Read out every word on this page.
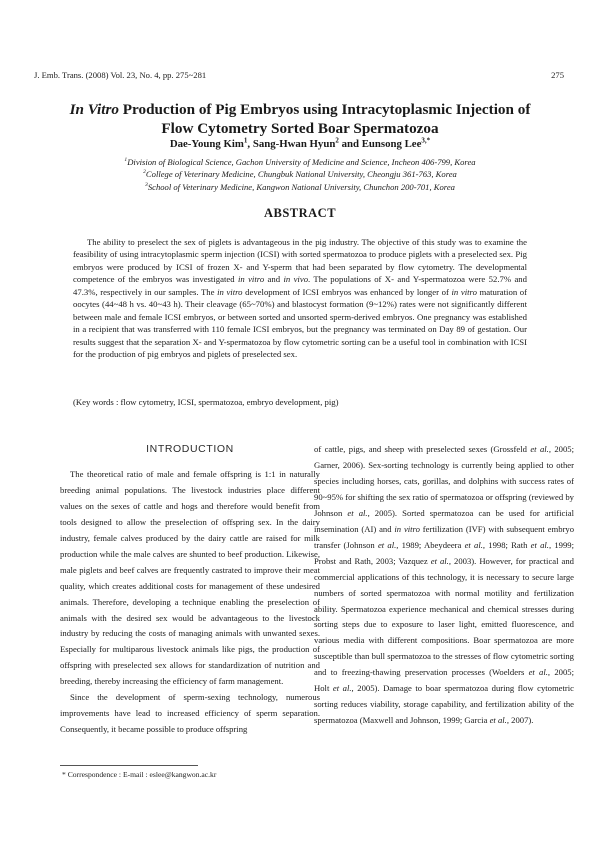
J. Emb. Trans. (2008) Vol. 23, No. 4, pp. 275~281	275
In Vitro Production of Pig Embryos using Intracytoplasmic Injection of
Flow Cytometry Sorted Boar Spermatozoa
Dae-Young Kim$^1$, Sang-Hwan Hyun$^2$ and Eunsong Lee$^{3,*}$
$^1$Division of Biological Science, Gachon University of Medicine and Science, Incheon 406-799, Korea
$^2$College of Veterinary Medicine, Chungbuk National University, Cheongju 361-763, Korea
$^3$School of Veterinary Medicine, Kangwon National University, Chunchon 200-701, Korea
ABSTRACT
The ability to preselect the sex of piglets is advantageous in the pig industry. The objective of this study was to examine the feasibility of using intracytoplasmic sperm injection (ICSI) with sorted spermatozoa to produce piglets with a preselected sex. Pig embryos were produced by ICSI of frozen X- and Y-sperm that had been separated by flow cytometry. The developmental competence of the embryos was investigated in vitro and in vivo. The populations of X- and Y-spermatozoa were 52.7% and 47.3%, respectively in our samples. The in vitro development of ICSI embryos was enhanced by longer of in vitro maturation of oocytes (44~48 h vs. 40~43 h). Their cleavage (65~70%) and blastocyst formation (9~12%) rates were not significantly different between male and female ICSI embryos, or between sorted and unsorted sperm-derived embryos. One pregnancy was established in a recipient that was transferred with 110 female ICSI embryos, but the pregnancy was terminated on Day 89 of gestation. Our results suggest that the separation X- and Y-spermatozoa by flow cytometric sorting can be a useful tool in combination with ICSI for the production of pig embryos and piglets of preselected sex.
(Key words : flow cytometry, ICSI, spermatozoa, embryo development, pig)
INTRODUCTION

The theoretical ratio of male and female offspring is 1:1 in naturally breeding animal populations. The livestock industries place different values on the sexes of cattle and hogs and therefore would benefit from tools designed to allow the preselection of offspring sex. In the dairy industry, female calves produced by the dairy cattle are raised for milk production while the male calves are shunted to beef production. Likewise, male piglets and beef calves are frequently castrated to improve their meat quality, which creates additional costs for management of these undesired animals. Therefore, developing a technique enabling the preselection of animals with the desired sex would be advantageous to the livestock industry by reducing the costs of managing animals with unwanted sexes. Especially for multiparous livestock animals like pigs, the production of offspring with preselected sex allows for standardization of nutrition and breeding, thereby increasing the efficiency of farm management.

Since the development of sperm-sexing technology, numerous improvements have lead to increased efficiency of sperm separation. Consequently, it became possible to produce offspring

of cattle, pigs, and sheep with preselected sexes (Grossfeld et al., 2005; Garner, 2006). Sex-sorting technology is currently being applied to other species including horses, cats, gorillas, and dolphins with success rates of 90~95% for shifting the sex ratio of spermatozoa or offspring (reviewed by Johnson et al., 2005). Sorted spermatozoa can be used for artificial insemination (AI) and in vitro fertilization (IVF) with subsequent embryo transfer (Johnson et al., 1989; Abeydeera et al., 1998; Rath et al., 1999; Probst and Rath, 2003; Vazquez et al., 2003). However, for practical and commercial applications of this technology, it is necessary to secure large numbers of sorted spermatozoa with normal motility and fertilization ability. Spermatozoa experience mechanical and chemical stresses during sorting steps due to exposure to laser light, emitted fluorescence, and various media with different compositions. Boar spermatozoa are more susceptible than bull spermatozoa to the stresses of flow cytometric sorting and to freezing-thawing preservation processes (Woelders et al., 2005; Holt et al., 2005). Damage to boar spermatozoa during flow cytometric sorting reduces viability, storage capability, and fertilization ability of the spermatozoa (Maxwell and Johnson, 1999; Garcia et al., 2007).

* Correspondence : E-mail : eslee@kangwon.ac.kr
